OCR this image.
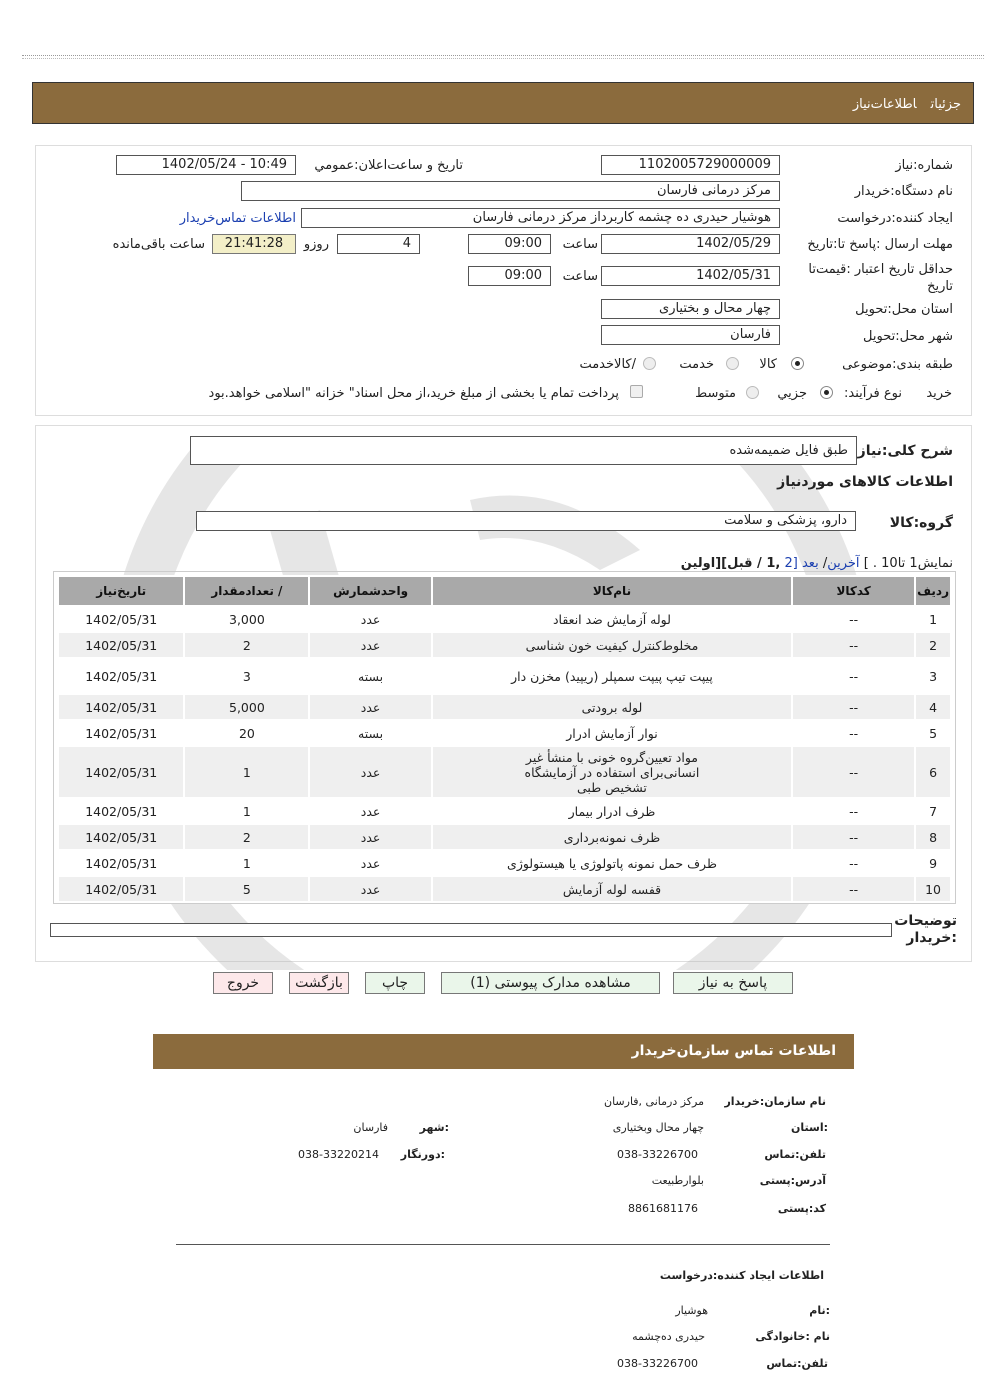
جزئیاتاطلاعات‌نیاز
شماره:نیاز
1102005729000009
تاریخ و ساعت‌اعلان:عمومي
1402/05/24 - 10:49
نام دستگاه:خریدار
مرکز درمانی فارسان
ایجاد کننده:درخواست
هوشیار حیدری ده چشمه کاربرداز مرکز درمانی فارسان
اطلاعات تماس‌خریدار
مهلت ارسال :پاسخ تا:تاریخ
1402/05/29
ساعت
09:00
4
روزو
21:41:28
ساعت باقی‌مانده
حداقل تاریخ اعتبار :قیمت‌تا تاریخ
1402/05/31
ساعت
09:00
استان محل:تحویل
چهار محال و بختیاری
شهر محل:تحویل
فارسان
طبقه بندی:موضوعی
کالا
خدمت
/کالاخدمت
نوع فرآیند: خرید
جزیي
متوسط
پرداخت تمام یا بخشی از مبلغ خرید،از محل اسناد" خزانه "اسلامی خواهد.بود
شرح کلی:نیاز
طبق فایل ضمیمه‌شده
اطلاعات کالاهای موردنیاز
گروه:کالا
دارو، پزشکی و سلامت
نمایش1 تا10 . ] آخرین/ بعد [2 ,1 / قبل][اولین
ردیف	کدکالا	نام‌کالا	واحدشمارش	/ تعدادمقدار	تاریخ‌نیاز
1	--	لوله آزمایش ضد انعقاد	عدد	3,000	1402/05/31
2	--	مخلوط‌کنترل کیفیت خون شناسی	عدد	2	1402/05/31
3	--	پیپت تیپ پیپت سمپلر (ریپید) مخزن دار	بسته	3	1402/05/31
4	--	لوله برودتی	عدد	5,000	1402/05/31
5	--	نوار آزمایش ادرار	بسته	20	1402/05/31
6	--	مواد تعیین‌گروه خونی با منشأ غیر انسانی‌برای استفاده در آزمایشگاه تشخیص طبی	عدد	1	1402/05/31
7	--	ظرف ادرار بیمار	عدد	1	1402/05/31
8	--	ظرف نمونه‌برداری	عدد	2	1402/05/31
9	--	ظرف حمل نمونه پاتولوژی یا هیستولوژی	عدد	1	1402/05/31
10	--	قفسه لوله آزمایش	عدد	5	1402/05/31
توضیحات :خریدار
پاسخ به نیاز
مشاهده مدارک پیوستی (1)
چاپ
بازگشت
خروج
اطلاعات تماس سازمان‌خریدار
نام سازمان:خریدار
مرکز درمانی ,فارسان
:استان
چهار محال وبختیاری
:شهر
فارسان
تلفن:تماس
038-33226700
:دورنگار
038-33220214
آدرس:پستی
بلوارطبیعت
کد:پستی
8861681176
اطلاعات ایجاد کننده:درخواست
:نام
هوشیار
نام :خانوادگی
حیدری ده‌چشمه
تلفن:تماس
038-33226700
